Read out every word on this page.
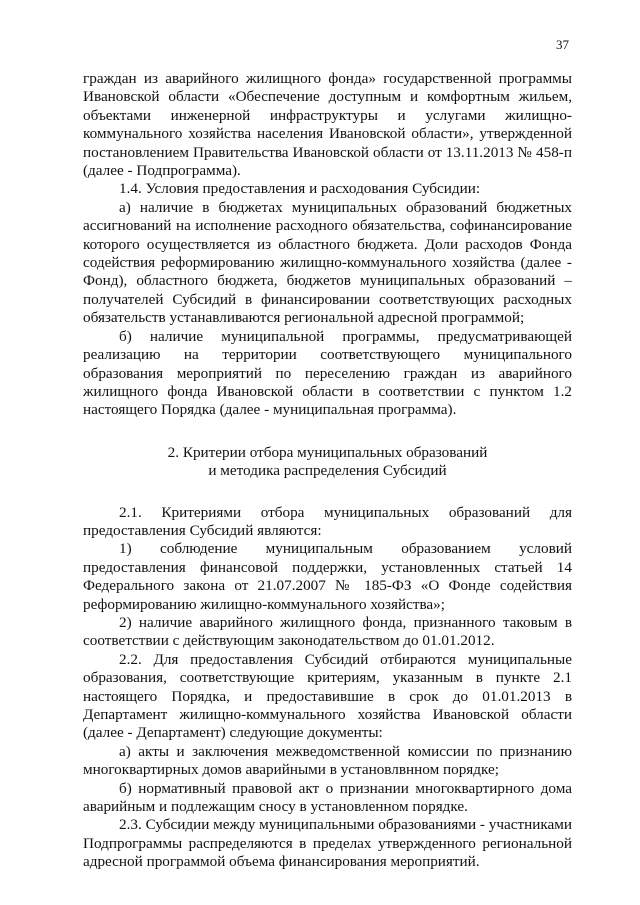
37

граждан из аварийного жилищного фонда» государственной программы Ивановской области «Обеспечение доступным и комфортным жильем, объектами инженерной инфраструктуры и услугами жилищно-коммунального хозяйства населения Ивановской области», утвержденной постановлением Правительства Ивановской области от 13.11.2013 № 458-п (далее - Подпрограмма).

1.4. Условия предоставления и расходования Субсидии:

а) наличие в бюджетах муниципальных образований бюджетных ассигнований на исполнение расходного обязательства, софинансирование которого осуществляется из областного бюджета. Доли расходов Фонда содействия реформированию жилищно-коммунального хозяйства (далее - Фонд), областного бюджета, бюджетов муниципальных образований – получателей Субсидий в финансировании соответствующих расходных обязательств устанавливаются региональной адресной программой;

б) наличие муниципальной программы, предусматривающей реализацию на территории соответствующего муниципального образования мероприятий по переселению граждан из аварийного жилищного фонда Ивановской области в соответствии с пунктом 1.2 настоящего Порядка (далее - муниципальная программа).

2. Критерии отбора муниципальных образований
и методика распределения Субсидий

2.1. Критериями отбора муниципальных образований для предоставления Субсидий являются:

1) соблюдение муниципальным образованием условий предоставления финансовой поддержки, установленных статьей 14 Федерального закона от 21.07.2007 № 185-ФЗ «О Фонде содействия реформированию жилищно-коммунального хозяйства»;

2) наличие аварийного жилищного фонда, признанного таковым в соответствии с действующим законодательством до 01.01.2012.

2.2. Для предоставления Субсидий отбираются муниципальные образования, соответствующие критериям, указанным в пункте 2.1 настоящего Порядка, и предоставившие в срок до 01.01.2013 в Департамент жилищно-коммунального хозяйства Ивановской области (далее - Департамент) следующие документы:

а) акты и заключения межведомственной комиссии по признанию многоквартирных домов аварийными в установлвнном порядке;

б) нормативный правовой акт о признании многоквартирного дома аварийным и подлежащим сносу в установленном порядке.

2.3. Субсидии между муниципальными образованиями - участниками Подпрограммы распределяются в пределах утвержденного региональной адресной программой объема финансирования мероприятий.
